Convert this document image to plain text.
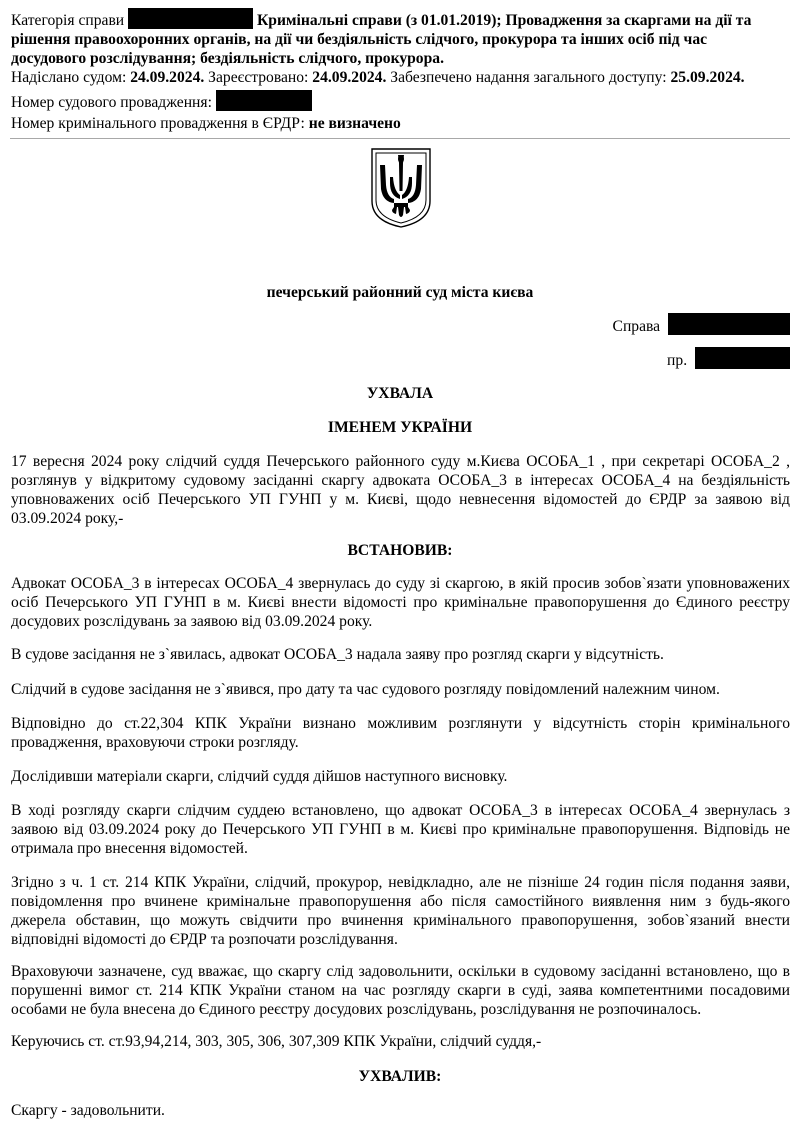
Категорія справи	Кримінальні справи (з 01.01.2019); Провадження за скаргами на дії та рішення правоохоронних органів, на дії чи бездіяльність слідчого, прокурора та інших осіб під час досудового розслідування; бездіяльність слідчого, прокурора.

Надіслано судом: 24.09.2024. Зареєстровано: 24.09.2024. Забезпечено надання загального доступу: 25.09.2024.

Номер судового провадження:

Номер кримінального провадження в ЄРДР: не визначено

печерський районний суд міста києва
Справа
пр.
УХВАЛА
ІМЕНЕМ УКРАЇНИ

17 вересня 2024 року слідчий суддя Печерського районного суду м.Києва ОСОБА_1 , при секретарі ОСОБА_2 , розглянув у відкритому судовому засіданні скаргу адвоката ОСОБА_3 в інтересах ОСОБА_4 на бездіяльність уповноважених осіб Печерського УП ГУНП у м. Києві, щодо невнесення відомостей до ЄРДР за заявою від 03.09.2024 року,-

ВСТАНОВИВ:

Адвокат ОСОБА_3 в інтересах ОСОБА_4 звернулась до суду зі скаргою, в якій просив зобов`язати уповноважених осіб Печерського УП ГУНП в м. Києві внести відомості про кримінальне правопорушення до Єдиного реєстру досудових розслідувань за заявою від 03.09.2024 року.

В судове засідання не з`явилась, адвокат ОСОБА_3 надала заяву про розгляд скарги у відсутність.

Слідчий в судове засідання не з`явився, про дату та час судового розгляду повідомлений належним чином.

Відповідно до ст.22,304 КПК України визнано можливим розглянути у відсутність сторін кримінального провадження, враховуючи строки розгляду.

Дослідивши матеріали скарги, слідчий суддя дійшов наступного висновку.

В ході розгляду скарги слідчим суддею встановлено, що адвокат ОСОБА_3 в інтересах ОСОБА_4 звернулась з заявою від 03.09.2024 року до Печерського УП ГУНП в м. Києві про кримінальне правопорушення. Відповідь не отримала про внесення відомостей.

Згідно з ч. 1 ст. 214 КПК України, слідчий, прокурор, невідкладно, але не пізніше 24 годин після подання заяви, повідомлення про вчинене кримінальне правопорушення або після самостійного виявлення ним з будь-якого джерела обставин, що можуть свідчити про вчинення кримінального правопорушення, зобов`язаний внести відповідні відомості до ЄРДР та розпочати розслідування.

Враховуючи зазначене, суд вважає, що скаргу слід задовольнити, оскільки в судовому засіданні встановлено, що в порушенні вимог ст. 214 КПК України станом на час розгляду скарги в суді, заява компетентними посадовими особами не була внесена до Єдиного реєстру досудових розслідувань, розслідування не розпочиналось.

Керуючись ст. ст.93,94,214, 303, 305, 306, 307,309 КПК України, слідчий суддя,-

УХВАЛИВ:

Скаргу - задовольнити.
